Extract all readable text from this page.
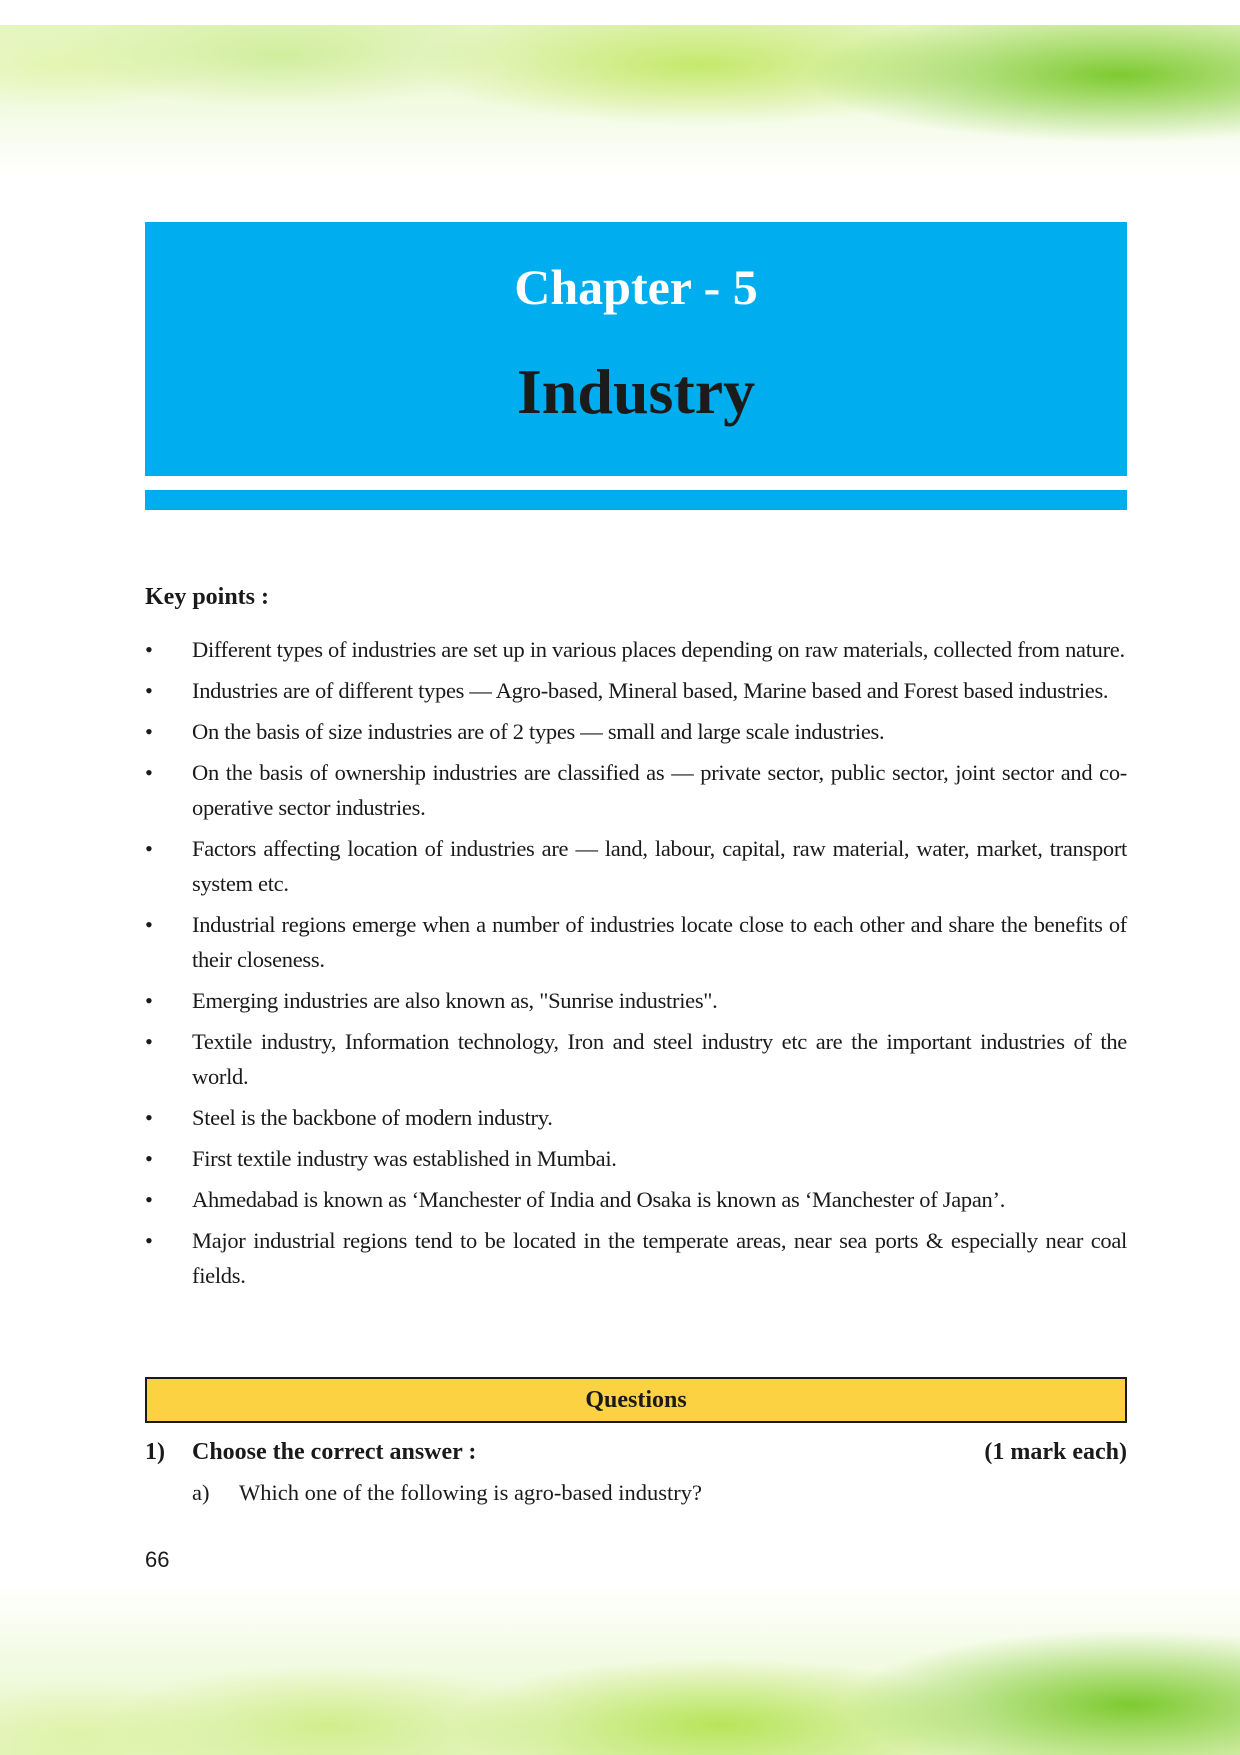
Chapter - 5
Industry
Key points :
• Different types of industries are set up in various places depending on raw materials, collected from nature.
• Industries are of different types — Agro-based, Mineral based, Marine based and Forest based industries.
• On the basis of size industries are of 2 types — small and large scale industries.
• On the basis of ownership industries are classified as — private sector, public sector, joint sector and co-operative sector industries.
• Factors affecting location of industries are — land, labour, capital, raw material, water, market, transport system etc.
• Industrial regions emerge when a number of industries locate close to each other and share the benefits of their closeness.
• Emerging industries are also known as, "Sunrise industries".
• Textile industry, Information technology, Iron and steel industry etc are the important industries of the world.
• Steel is the backbone of modern industry.
• First textile industry was established in Mumbai.
• Ahmedabad is known as ‘Manchester of India and Osaka is known as ‘Manchester of Japan’.
• Major industrial regions tend to be located in the temperate areas, near sea ports & especially near coal fields.
Questions
1) Choose the correct answer :	(1 mark each)
a) Which one of the following is agro-based industry?
66
